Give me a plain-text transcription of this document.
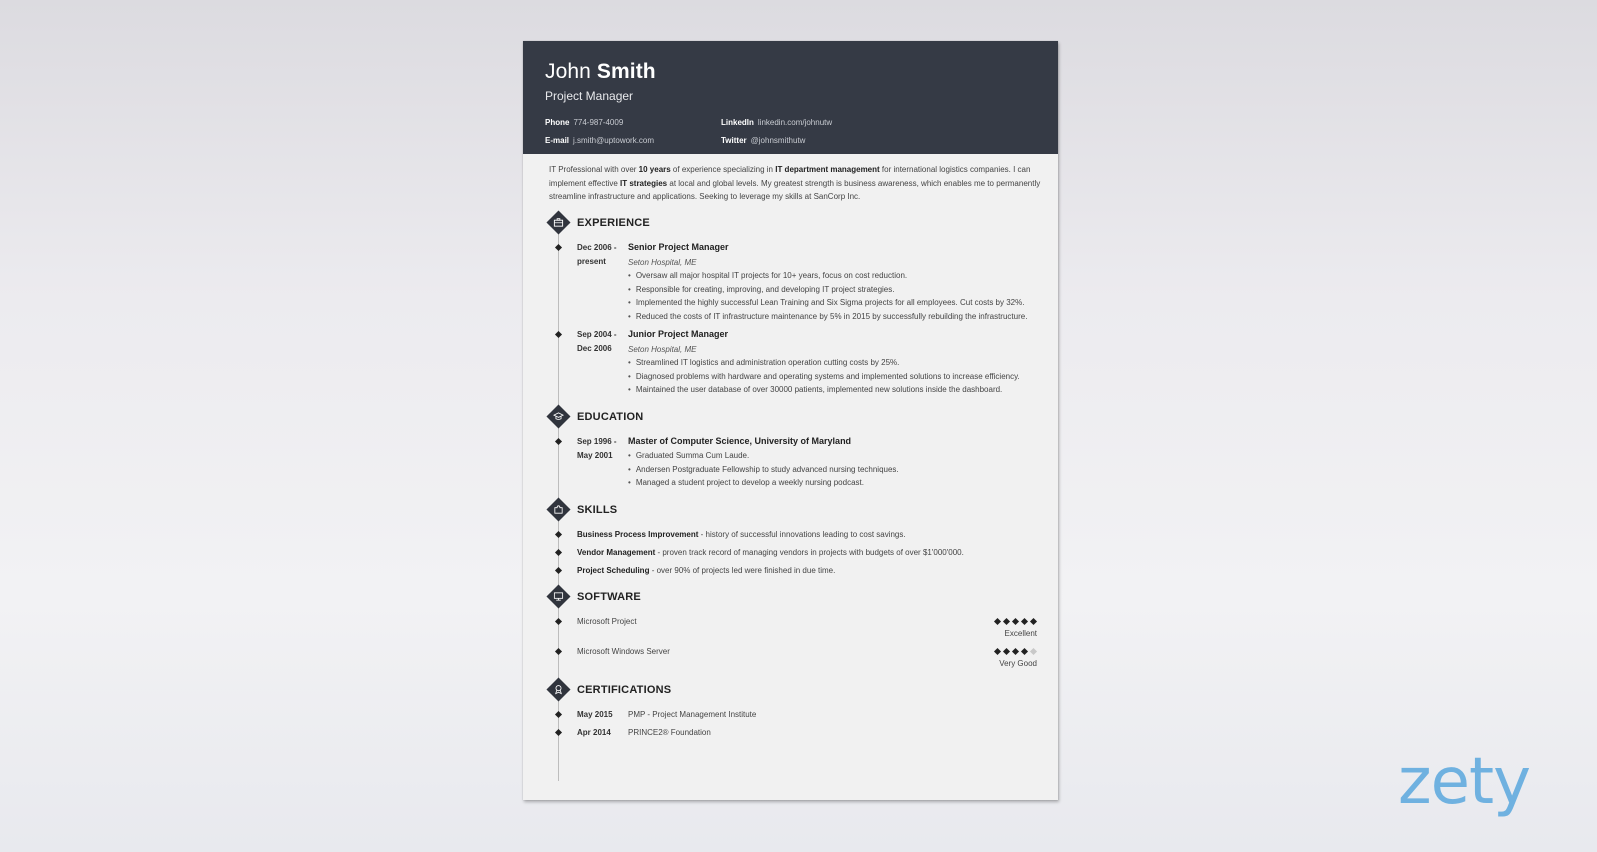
John Smith
Project Manager
Phone 774-987-4009
E-mail j.smith@uptowork.com
LinkedIn linkedin.com/johnutw
Twitter @johnsmithutw
IT Professional with over 10 years of experience specializing in IT department management for international logistics companies. I can implement effective IT strategies at local and global levels. My greatest strength is business awareness, which enables me to permanently streamline infrastructure and applications. Seeking to leverage my skills at SanCorp Inc.
EXPERIENCE
Dec 2006 -
present
Senior Project Manager
Seton Hospital, ME
• Oversaw all major hospital IT projects for 10+ years, focus on cost reduction.
• Responsible for creating, improving, and developing IT project strategies.
• Implemented the highly successful Lean Training and Six Sigma projects for all employees. Cut costs by 32%.
• Reduced the costs of IT infrastructure maintenance by 5% in 2015 by successfully rebuilding the infrastructure.
Sep 2004 -
Dec 2006
Junior Project Manager
Seton Hospital, ME
• Streamlined IT logistics and administration operation cutting costs by 25%.
• Diagnosed problems with hardware and operating systems and implemented solutions to increase efficiency.
• Maintained the user database of over 30000 patients, implemented new solutions inside the dashboard.
EDUCATION
Sep 1996 -
May 2001
Master of Computer Science, University of Maryland
• Graduated Summa Cum Laude.
• Andersen Postgraduate Fellowship to study advanced nursing techniques.
• Managed a student project to develop a weekly nursing podcast.
SKILLS
Business Process Improvement - history of successful innovations leading to cost savings.
Vendor Management - proven track record of managing vendors in projects with budgets of over $1'000'000.
Project Scheduling - over 90% of projects led were finished in due time.
SOFTWARE
Microsoft Project
Excellent
Microsoft Windows Server
Very Good
CERTIFICATIONS
May 2015 PMP - Project Management Institute
Apr 2014 PRINCE2® Foundation
zety
